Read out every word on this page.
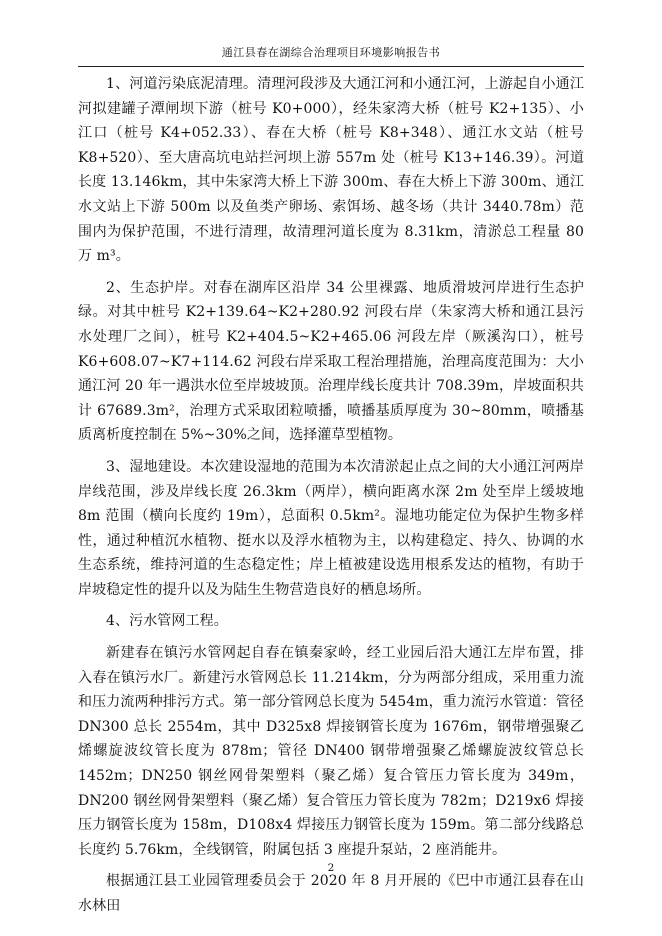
通江县春在湖综合治理项目环境影响报告书

1、河道污染底泥清理。清理河段涉及大通江河和小通江河，上游起自小通江河拟建罐子潭闸坝下游（桩号 K0+000），经朱家湾大桥（桩号 K2+135）、小江口（桩号 K4+052.33）、春在大桥（桩号 K8+348）、通江水文站（桩号 K8+520）、至大唐高坑电站拦河坝上游 557m 处（桩号 K13+146.39）。河道长度 13.146km，其中朱家湾大桥上下游 300m、春在大桥上下游 300m、通江水文站上下游 500m 以及鱼类产卵场、索饵场、越冬场（共计 3440.78m）范围内为保护范围，不进行清理，故清理河道长度为 8.31km，清淤总工程量 80 万 m³。

2、生态护岸。对春在湖库区沿岸 34 公里裸露、地质滑坡河岸进行生态护绿。对其中桩号 K2+139.64~K2+280.92 河段右岸（朱家湾大桥和通江县污水处理厂之间），桩号 K2+404.5~K2+465.06 河段左岸（厥溪沟口），桩号 K6+608.07~K7+114.62 河段右岸采取工程治理措施，治理高度范围为：大小通江河 20 年一遇洪水位至岸坡坡顶。治理岸线长度共计 708.39m，岸坡面积共计 67689.3m²，治理方式采取团粒喷播，喷播基质厚度为 30~80mm，喷播基质离析度控制在 5%~30%之间，选择灌草型植物。

3、湿地建设。本次建设湿地的范围为本次清淤起止点之间的大小通江河两岸岸线范围，涉及岸线长度 26.3km（两岸），横向距离水深 2m 处至岸上缓坡地 8m 范围（横向长度约 19m），总面积 0.5km²。湿地功能定位为保护生物多样性，通过种植沉水植物、挺水以及浮水植物为主，以构建稳定、持久、协调的水生态系统，维持河道的生态稳定性；岸上植被建设选用根系发达的植物，有助于岸坡稳定性的提升以及为陆生生物营造良好的栖息场所。

4、污水管网工程。

新建春在镇污水管网起自春在镇秦家岭，经工业园后沿大通江左岸布置，排入春在镇污水厂。新建污水管网总长 11.214km，分为两部分组成，采用重力流和压力流两种排污方式。第一部分管网总长度为 5454m，重力流污水管道：管径 DN300 总长 2554m，其中 D325x8 焊接钢管长度为 1676m，钢带增强聚乙烯螺旋波纹管长度为 878m；管径 DN400 钢带增强聚乙烯螺旋波纹管总长 1452m；DN250 钢丝网骨架塑料（聚乙烯）复合管压力管长度为 349m，DN200 钢丝网骨架塑料（聚乙烯）复合管压力管长度为 782m；D219x6 焊接压力钢管长度为 158m，D108x4 焊接压力钢管长度为 159m。第二部分线路总长度约 5.76km，全线钢管，附属包括 3 座提升泵站，2 座消能井。

根据通江县工业园管理委员会于 2020 年 8 月开展的《巴中市通江县春在山水林田

2
